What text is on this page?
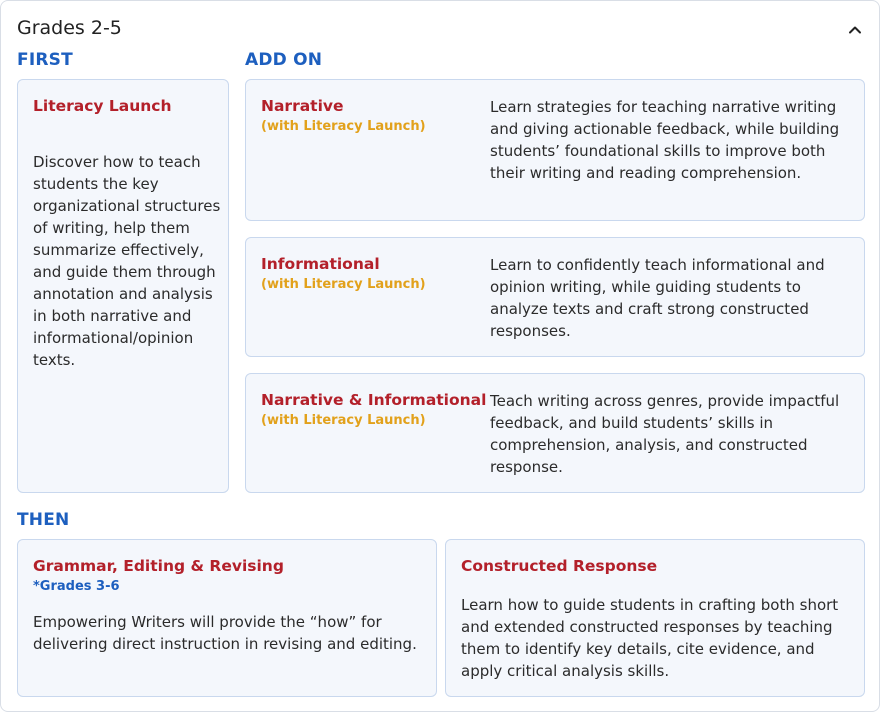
Grades 2-5
FIRST
Literacy Launch
Discover how to teach students the key organizational structures of writing, help them summarize effectively, and guide them through annotation and analysis in both narrative and informational/opinion texts.
ADD ON
Narrative
(with Literacy Launch)
Learn strategies for teaching narrative writing and giving actionable feedback, while building students’ foundational skills to improve both their writing and reading comprehension.
Informational
(with Literacy Launch)
Learn to confidently teach informational and opinion writing, while guiding students to analyze texts and craft strong constructed responses.
Narrative & Informational
(with Literacy Launch)
Teach writing across genres, provide impactful feedback, and build students’ skills in comprehension, analysis, and constructed response.
THEN
Grammar, Editing & Revising
*Grades 3-6
Empowering Writers will provide the “how” for delivering direct instruction in revising and editing.
Constructed Response
Learn how to guide students in crafting both short and extended constructed responses by teaching them to identify key details, cite evidence, and apply critical analysis skills.
